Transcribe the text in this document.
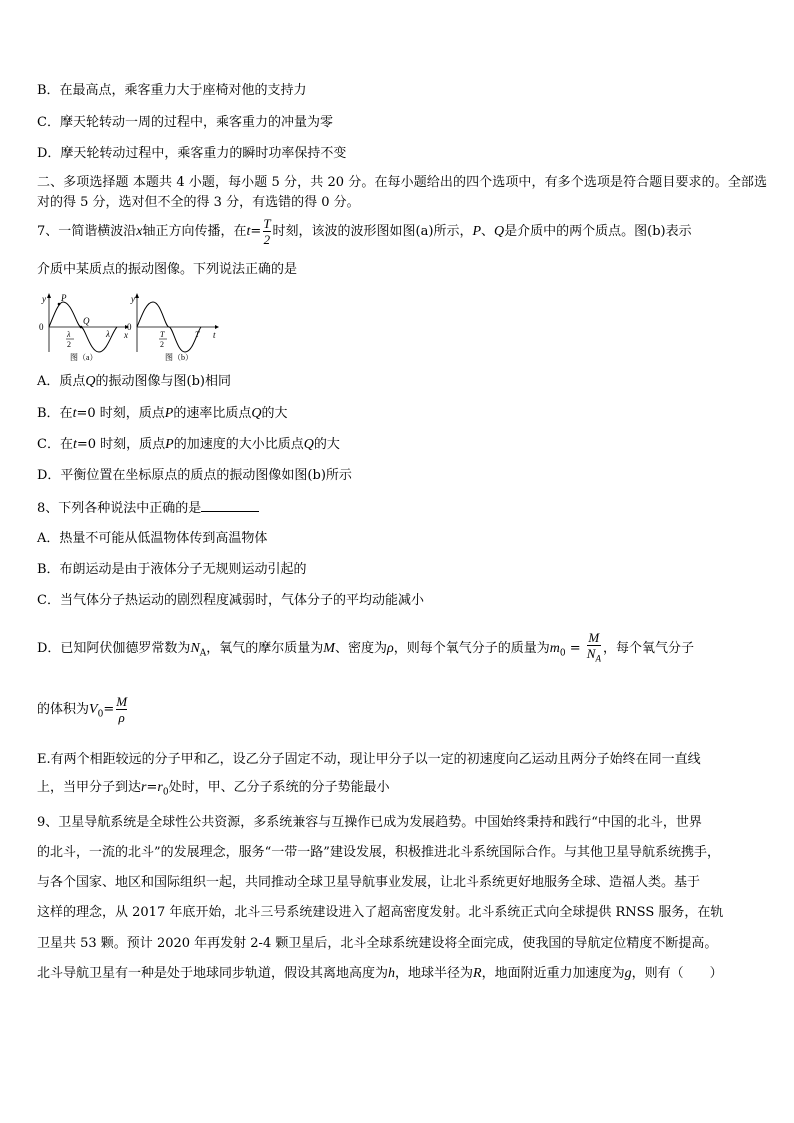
B．在最高点，乘客重力大于座椅对他的支持力
C．摩天轮转动一周的过程中，乘客重力的冲量为零
D．摩天轮转动过程中，乘客重力的瞬时功率保持不变
二、多项选择题 本题共 4 小题，每小题 5 分，共 20 分。在每小题给出的四个选项中，有多个选项是符合题目要求的。全部选对的得 5 分，选对但不全的得 3 分，有选错的得 0 分。
7、一简谐横波沿x轴正方向传播，在$t= \frac{T}{2}$ 时刻，该波的波形图如图(a)所示，P、Q是介质中的两个质点。图(b)表示
介质中某质点的振动图像。下列说法正确的是
y P
Q
0
λ x
λ
2
图（a）
y
0
T t
T
2
图（b）
A．质点Q的振动图像与图(b)相同
B．在t=0 时刻，质点P的速率比质点Q的大
C．在t=0 时刻，质点P的加速度的大小比质点Q的大
D．平衡位置在坐标原点的质点的振动图像如图(b)所示
8、下列各种说法中正确的是
A．热量不可能从低温物体传到高温物体
B．布朗运动是由于液体分子无规则运动引起的
C．当气体分子热运动的剧烈程度减弱时，气体分子的平均动能减小
D．已知阿伏伽德罗常数为$N_A$，氧气的摩尔质量为M、密度为ρ，则每个氧气分子的质量为$m_0 = \frac{M}{N_A}$ ，每个氧气分子
的体积为$V_0= \frac{M}{\rho}$
E.有两个相距较远的分子甲和乙，设乙分子固定不动，现让甲分子以一定的初速度向乙运动且两分子始终在同一直线
上，当甲分子到达$r=r_0$处时，甲、乙分子系统的分子势能最小
9、卫星导航系统是全球性公共资源，多系统兼容与互操作已成为发展趋势。中国始终秉持和践行“中国的北斗，世界
的北斗，一流的北斗”的发展理念，服务“一带一路”建设发展，积极推进北斗系统国际合作。与其他卫星导航系统携手，
与各个国家、地区和国际组织一起，共同推动全球卫星导航事业发展，让北斗系统更好地服务全球、造福人类。基于
这样的理念，从 2017 年底开始，北斗三号系统建设进入了超高密度发射。北斗系统正式向全球提供 RNSS 服务，在轨
卫星共 53 颗。预计 2020 年再发射 2-4 颗卫星后，北斗全球系统建设将全面完成，使我国的导航定位精度不断提高。
北斗导航卫星有一种是处于地球同步轨道，假设其离地高度为h，地球半径为R，地面附近重力加速度为g，则有（　　）
